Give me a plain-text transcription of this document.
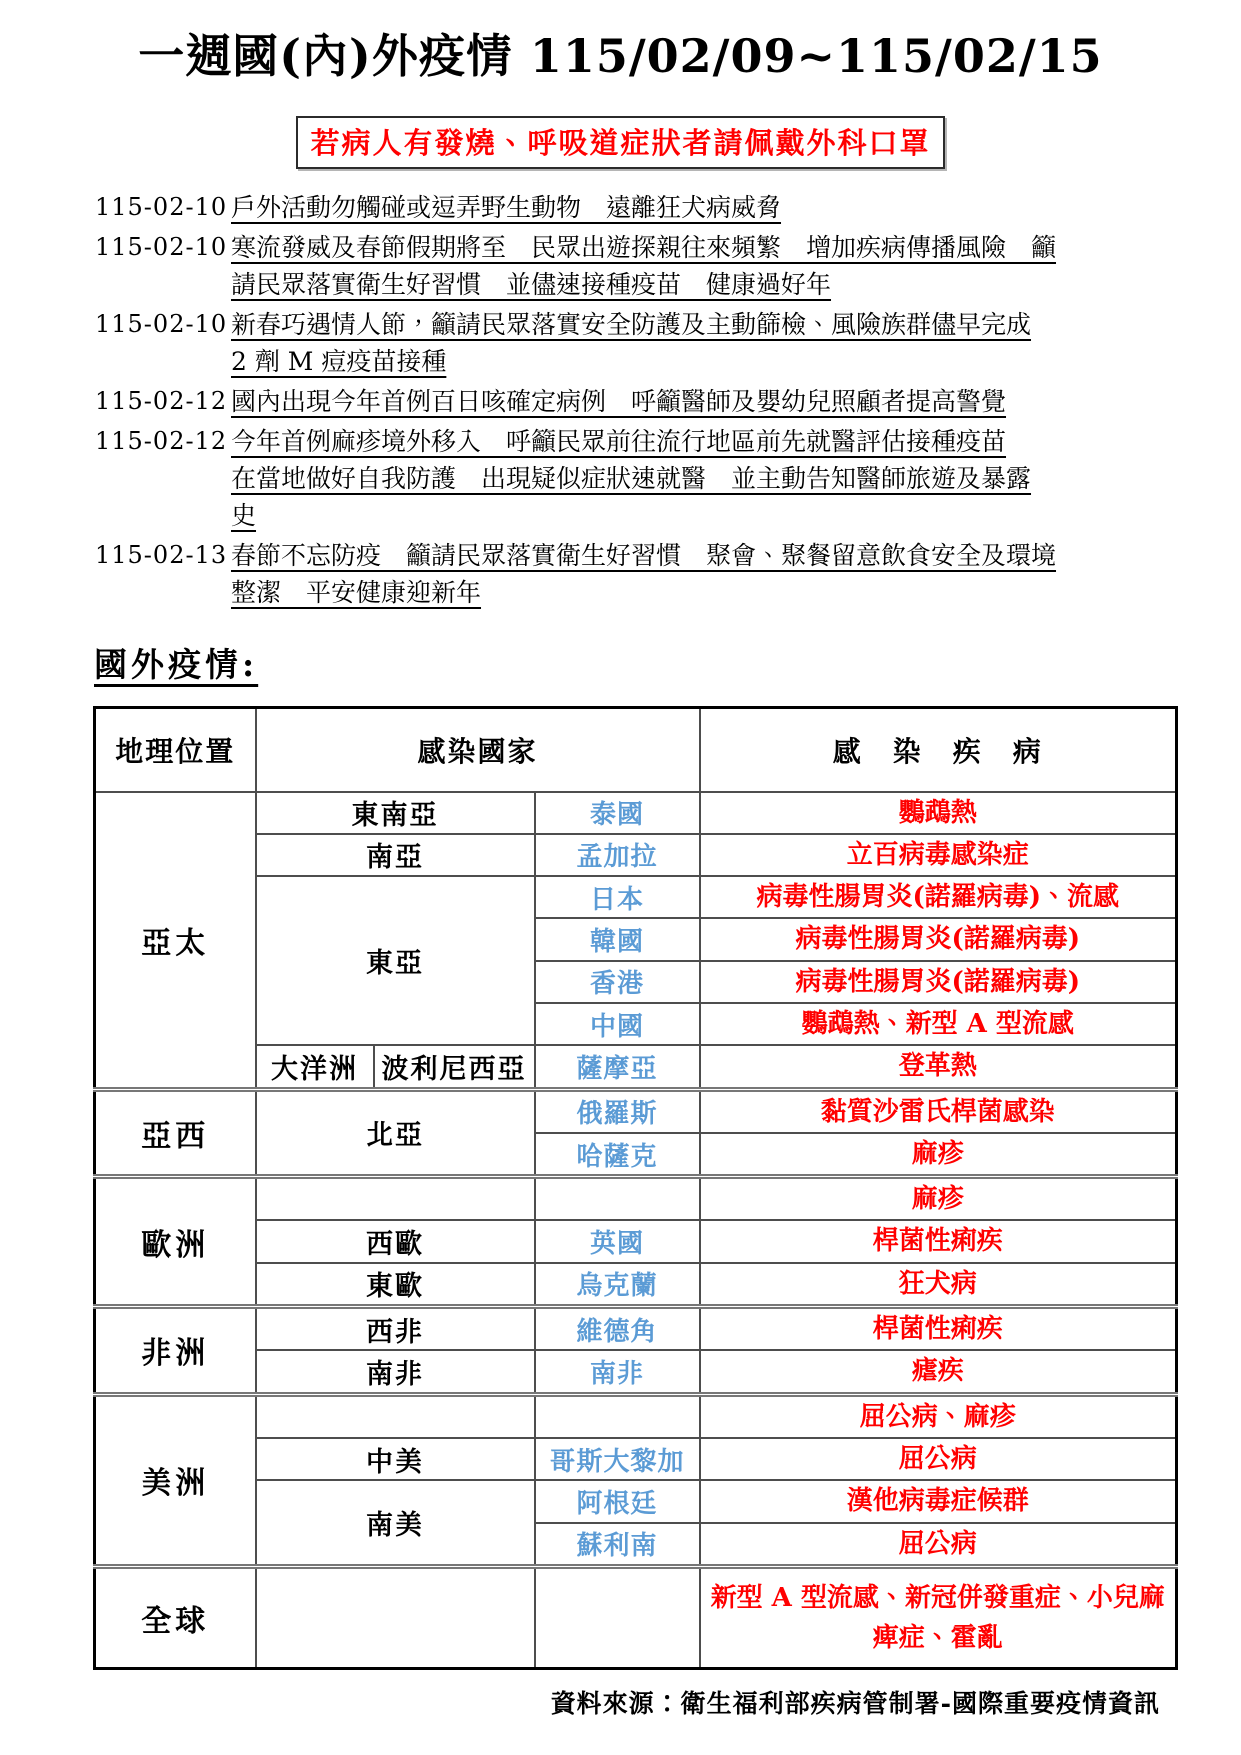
一週國(內)外疫情 115/02/09~115/02/15
若病人有發燒、呼吸道症狀者請佩戴外科口罩
115-02-10 戶外活動勿觸碰或逗弄野生動物　遠離狂犬病威脅
115-02-10 寒流發威及春節假期將至　民眾出遊探親往來頻繁　增加疾病傳播風險　籲
請民眾落實衛生好習慣　並儘速接種疫苗　健康過好年
115-02-10 新春巧遇情人節，籲請民眾落實安全防護及主動篩檢、風險族群儘早完成
2 劑 M 痘疫苗接種
115-02-12 國內出現今年首例百日咳確定病例　呼籲醫師及嬰幼兒照顧者提高警覺
115-02-12 今年首例麻疹境外移入　呼籲民眾前往流行地區前先就醫評估接種疫苗
在當地做好自我防護　出現疑似症狀速就醫　並主動告知醫師旅遊及暴露
史
115-02-13 春節不忘防疫　籲請民眾落實衛生好習慣　聚會、聚餐留意飲食安全及環境
整潔　平安健康迎新年
國外疫情:
地理位置	感染國家			感　染　疾　病
亞太	東南亞		泰國	鸚鵡熱
	南亞		孟加拉	立百病毒感染症
	東亞		日本	病毒性腸胃炎(諾羅病毒)、流感
			韓國	病毒性腸胃炎(諾羅病毒)
			香港	病毒性腸胃炎(諾羅病毒)
			中國	鸚鵡熱、新型 A 型流感
	大洋洲	波利尼西亞	薩摩亞	登革熱
亞西	北亞		俄羅斯	黏質沙雷氏桿菌感染
			哈薩克	麻疹
歐洲				麻疹
	西歐		英國	桿菌性痢疾
	東歐		烏克蘭	狂犬病
非洲	西非		維德角	桿菌性痢疾
	南非		南非	瘧疾
美洲				屈公病、麻疹
	中美		哥斯大黎加	屈公病
	南美		阿根廷	漢他病毒症候群
			蘇利南	屈公病
全球				新型 A 型流感、新冠併發重症、小兒麻痺症、霍亂
資料來源：衛生福利部疾病管制署-國際重要疫情資訊
